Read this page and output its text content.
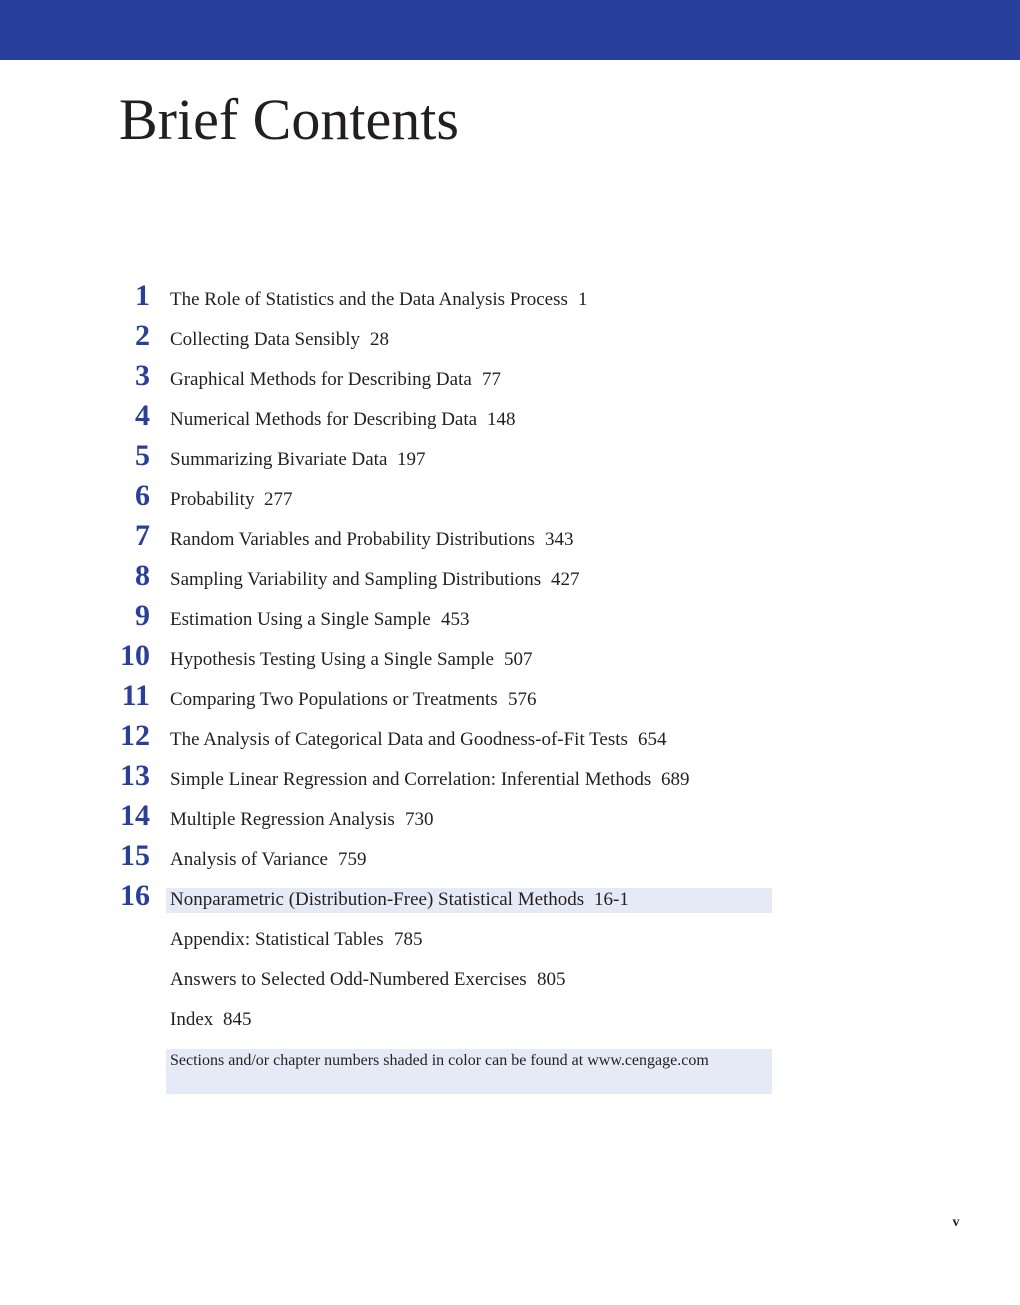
Brief Contents
1 The Role of Statistics and the Data Analysis Process 1
2 Collecting Data Sensibly 28
3 Graphical Methods for Describing Data 77
4 Numerical Methods for Describing Data 148
5 Summarizing Bivariate Data 197
6 Probability 277
7 Random Variables and Probability Distributions 343
8 Sampling Variability and Sampling Distributions 427
9 Estimation Using a Single Sample 453
10 Hypothesis Testing Using a Single Sample 507
11 Comparing Two Populations or Treatments 576
12 The Analysis of Categorical Data and Goodness-of-Fit Tests 654
13 Simple Linear Regression and Correlation: Inferential Methods 689
14 Multiple Regression Analysis 730
15 Analysis of Variance 759
16 Nonparametric (Distribution-Free) Statistical Methods 16-1
Appendix: Statistical Tables 785
Answers to Selected Odd-Numbered Exercises 805
Index 845
Sections and/or chapter numbers shaded in color can be found at www.cengage.com
v
